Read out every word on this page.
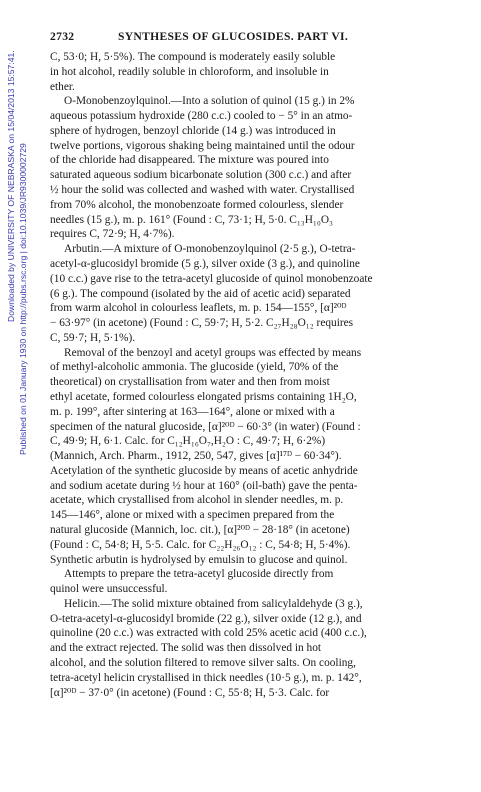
Downloaded by UNIVERSITY OF NEBRASKA on 15/04/2013 15:57:41. Published on 01 January 1930 on http://pubs.rsc.org | doi:10.1039/JR9300002729
2732	SYNTHESES OF GLUCOSIDES. PART VI.

C, 53·0; H, 5·5%). The compound is moderately easily soluble
in hot alcohol, readily soluble in chloroform, and insoluble in
ether.

O-Monobenzoylquinol.—Into a solution of quinol (15 g.) in 2%
aqueous potassium hydroxide (280 c.c.) cooled to − 5° in an atmo-
sphere of hydrogen, benzoyl chloride (14 g.) was introduced in
twelve portions, vigorous shaking being maintained until the odour
of the chloride had disappeared. The mixture was poured into
saturated aqueous sodium bicarbonate solution (300 c.c.) and after
½ hour the solid was collected and washed with water. Crystallised
from 70% alcohol, the monobenzoate formed colourless, slender
needles (15 g.), m. p. 161° (Found : C, 73·1; H, 5·0. C₁₃H₁₀O₃
requires C, 72·9; H, 4·7%).

Arbutin.—A mixture of O-monobenzoylquinol (2·5 g.), O-tetra-
acetyl-α-glucosidyl bromide (5 g.), silver oxide (3 g.), and quinoline
(10 c.c.) gave rise to the tetra-acetyl glucoside of quinol monobenzoate
(6 g.). The compound (isolated by the aid of acetic acid) separated
from warm alcohol in colourless leaflets, m. p. 154—155°, [α]²⁰ᴰ
− 63·97° (in acetone) (Found : C, 59·7; H, 5·2. C₂₇H₂₈O₁₂ requires
C, 59·7; H, 5·1%).

Removal of the benzoyl and acetyl groups was effected by means
of methyl-alcoholic ammonia. The glucoside (yield, 70% of the
theoretical) on crystallisation from water and then from moist
ethyl acetate, formed colourless elongated prisms containing 1H₂O,
m. p. 199°, after sintering at 163—164°, alone or mixed with a
specimen of the natural glucoside, [α]²⁰ᴰ − 60·3° (in water) (Found :
C, 49·9; H, 6·1. Calc. for C₁₂H₁₆O₇,H₂O : C, 49·7; H, 6·2%)
(Mannich, Arch. Pharm., 1912, 250, 547, gives [α]¹⁷ᴰ − 60·34°).
Acetylation of the synthetic glucoside by means of acetic anhydride
and sodium acetate during ½ hour at 160° (oil-bath) gave the penta-
acetate, which crystallised from alcohol in slender needles, m. p.
145—146°, alone or mixed with a specimen prepared from the
natural glucoside (Mannich, loc. cit.), [α]²⁰ᴰ − 28·18° (in acetone)
(Found : C, 54·8; H, 5·5. Calc. for C₂₂H₂₆O₁₂ : C, 54·8; H, 5·4%).
Synthetic arbutin is hydrolysed by emulsin to glucose and quinol.

Attempts to prepare the tetra-acetyl glucoside directly from
quinol were unsuccessful.

Helicin.—The solid mixture obtained from salicylaldehyde (3 g.),
O-tetra-acetyl-α-glucosidyl bromide (22 g.), silver oxide (12 g.), and
quinoline (20 c.c.) was extracted with cold 25% acetic acid (400 c.c.),
and the extract rejected. The solid was then dissolved in hot
alcohol, and the solution filtered to remove silver salts. On cooling,
tetra-acetyl helicin crystallised in thick needles (10·5 g.), m. p. 142°,
[α]²⁰ᴰ − 37·0° (in acetone) (Found : C, 55·8; H, 5·3. Calc. for
